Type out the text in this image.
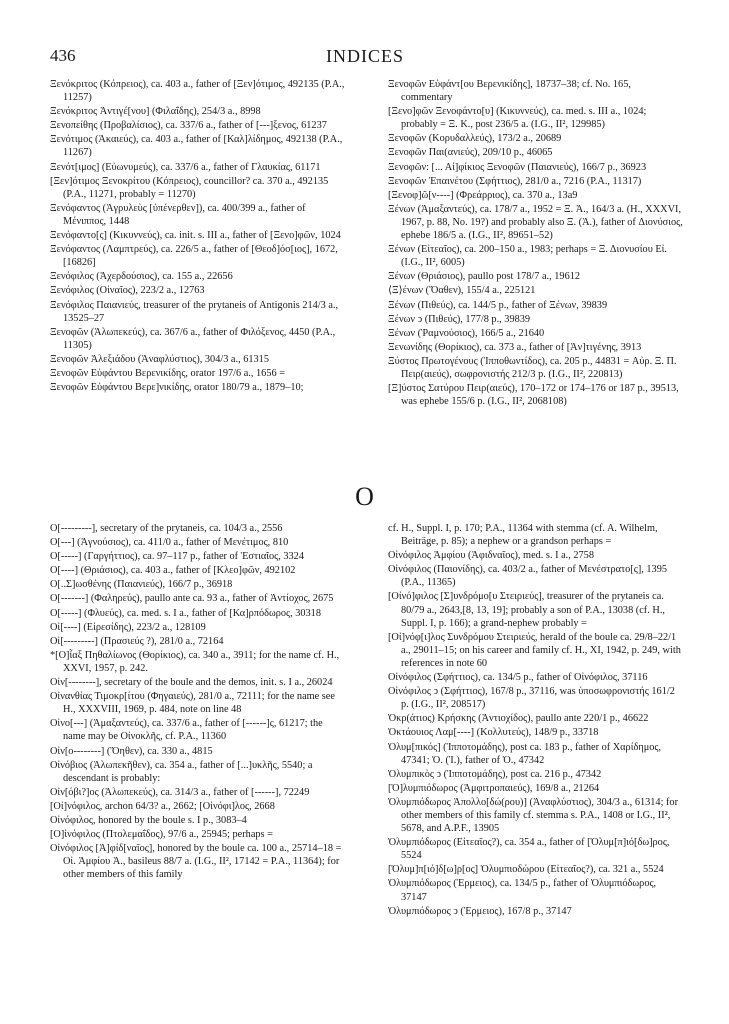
436	INDICES
Ξενόκριτος (Κόπρειος), ca. 403 a., father of [Ξεν]ότιμος, 492135 (P.A., 11257)
Ξενόκριτος Ἀντιγέ[νου] (Φιλαΐδης), 254/3 a., 8998
Ξενοπείθης (Προβαλίσιος), ca. 337/6 a., father of [---]ξενος, 61237
Ξενότιμος (Ἀκαιεύς), ca. 403 a., father of [Καλ]λίδημος, 492138 (P.A., 11267)
Ξενότ[ιμος] (Εὐωνυμεύς), ca. 337/6 a., father of Γλαυκίας, 61171
[Ξεν]ότιμος Ξενοκρίτου (Κόπρειος), councillor? ca. 370 a., 492135 (P.A., 11271, probably = 11270)
Ξενόφαντος (Ἀγρυλεὺς [ὑπένερθεν]), ca. 400/399 a., father of Μένιππος, 1448
Ξενόφαντο[ς] (Κικυννεύς), ca. init. s. III a., father of [Ξενο]φῶν, 1024
Ξενόφαντος (Λαμπτρεύς), ca. 226/5 a., father of [Θεοδ]όσ[ιος], 1672, [16826]
Ξενόφιλος (Ἀχερδούσιος), ca. 155 a., 22656
Ξενόφιλος (Οἰναῖος), 223/2 a., 12763
Ξενόφιλος Παιανιεύς, treasurer of the prytaneis of Antigonis 214/3 a., 13525–27
Ξενοφῶν (Ἀλωπεκεύς), ca. 367/6 a., father of Φιλόξενος, 4450 (P.A., 11305)
Ξενοφῶν Ἀλεξιάδου (Ἀναφλύστιος), 304/3 a., 61315
Ξενοφῶν Εὐφάντου Βερενικίδης, orator 197/6 a., 1656 =
Ξενοφῶν Εὐφάντου Βερε]νικίδης, orator 180/79 a., 1879–10;
Ξενοφῶν Εὐφάντ[ου Βερενικίδης], 18737–38; cf. No. 165, commentary
[Ξενο]φῶν Ξενοφάντο[υ] (Κικυννεύς), ca. med. s. III a., 1024; probably = Ξ. Κ., post 236/5 a. (I.G., II², 129985)
Ξενοφῶν (Κορυδαλλεύς), 173/2 a., 20689
Ξενοφῶν Παι(ανιεύς), 209/10 p., 46065
Ξενοφῶν: [... Αἰ]φίκιος Ξενοφῶν (Παιανιεύς), 166/7 p., 36923
Ξενοφῶν Ἐπαινέτου (Σφήττιος), 281/0 a., 7216 (P.A., 11317)
[Ξενοφ]ῶ[ν----] (Φρεάρριος), ca. 370 a., 13a9
Ξένων (Ἀμαξαντεύς), ca. 178/7 a., 1952 = Ξ. Ἀ., 164/3 a. (H., XXXVI, 1967, p. 88, No. 19?) and probably also Ξ. (Ἀ.), father of Διονύσιος, ephebe 186/5 a. (I.G., II², 89651–52)
Ξένων (Εἰτεαῖος), ca. 200–150 a., 1983; perhaps = Ξ. Διονυσίου Εἰ. (I.G., II², 6005)
Ξένων (Θριάσιος), paullo post 178/7 a., 19612
⟨Ξ⟩ένων (Ὄαθεν), 155/4 a., 225121
Ξένων (Πιθεύς), ca. 144/5 p., father of Ξένων, 39839
Ξένων ↄ (Πιθεύς), 177/8 p., 39839
Ξένων (Ῥαμνούσιος), 166/5 a., 21640
Ξενωνίδης (Θορίκιος), ca. 373 a., father of [Ἀν]τιγένης, 3913
Ξύστος Πρωτογένους (Ἱπποθωντίδος), ca. 205 p., 44831 = Αὐρ. Ξ. Π. Πειρ(αιεύς), σωφρονιστής 212/3 p. (I.G., II², 220813)
[Ξ]ύστος Σατύρου Πειρ(αιεύς), 170–172 or 174–176 or 187 p., 39513, was ephebe 155/6 p. (I.G., II², 2068108)
O
O[---------], secretary of the prytaneis, ca. 104/3 a., 2556
O[---] (Ἀγνούσιος), ca. 411/0 a., father of Μενέτιμος, 810
O[-----] (Γαργήττιος), ca. 97–117 p., father of Ἑστιαῖος, 3324
O[----] (Θριάσιος), ca. 403 a., father of [Κλεο]φῶν, 492102
O[..Σ]ωσθένης (Παιανιεύς), 166/7 p., 36918
O[-------] (Φαληρεύς), paullo ante ca. 93 a., father of Ἀντίοχος, 2675
O[-----] (Φλυεύς), ca. med. s. I a., father of [Κα]ρπόδωρος, 30318
Oἰ[----] (Εἰρεσίδης), 223/2 a., 128109
Oἰ[---------] (Πρασιεύς ?), 281/0 a., 72164
*[Ο]ἶαξ Πηθαλίωνος (Θορίκιος), ca. 340 a., 3911; for the name cf. H., XXVI, 1957, p. 242.
Oἰν[--------], secretary of the boule and the demos, init. s. I a., 26024
Οἰνανθίας Τιμοκρ[ίτου (Φηγαιεύς), 281/0 a., 72111; for the name see H., XXXVIII, 1969, p. 484, note on line 48
Οἰνο[---] (Ἀμαξαντεύς), ca. 337/6 a., father of [------]ς, 61217; the name may be Οἰνοκλῆς, cf. P.A., 11360
Οἰν[o--------] (Ὄηθεν), ca. 330 a., 4815
Οἰνόβιος (Ἀλωπεκῆθεν), ca. 354 a., father of [...]υκλῆς, 5540; a descendant is probably:
Οἰν[όβι?]ος (Ἀλωπεκεύς), ca. 314/3 a., father of [------], 72249
[Οἰ]νόφιλος, archon 64/3? a., 2662; [Οἰνόφι]λος, 2668
Οἰνόφιλος, honored by the boule s. I p., 3083–4
[Ο]ἰνόφιλος (Πτολεμαΐδος), 97/6 a., 25945; perhaps =
Οἰνόφιλος [Ἀ]φίδ[ναῖος], honored by the boule ca. 100 a., 25714–18 = Oἰ. Ἀμφίου Ἀ., basileus 88/7 a. (I.G., II², 17142 = P.A., 11364); for other members of this family
cf. H., Suppl. I, p. 170; P.A., 11364 with stemma (cf. A. Wilhelm, Beiträge, p. 85); a nephew or a grandson perhaps =
Οἰνόφιλος Ἀμφίου (Ἀφιδναῖος), med. s. I a., 2758
Οἰνόφιλος (Παιονίδης), ca. 403/2 a., father of Μενέστρατο[ς], 1395 (P.A., 11365)
[Οἰνό]φιλος [Σ]υνδρόμο[υ Στειριεύς], treasurer of the prytaneis ca. 80/79 a., 2643,[8, 13, 19]; probably a son of P.A., 13038 (cf. H., Suppl. I, p. 166); a grand-nephew probably =
[Οἰ]νόφ[ι]λος Συνδρόμου Στειριεύς, herald of the boule ca. 29/8–22/1 a., 29011–15; on his career and family cf. H., XI, 1942, p. 249, with references in note 60
Οἰνόφιλος (Σφήττιος), ca. 134/5 p., father of Οἰνόφιλος, 37116
Οἰνόφιλος ↄ (Σφήττιος), 167/8 p., 37116, was ὑποσωφρονιστής 161/2 p. (I.G., II², 208517)
Ὀκρ(άτιος) Κρήσκης (Ἀντιοχίδος), paullo ante 220/1 p., 46622
Ὀκτάουιος Λαμ[----] (Κολλυτεύς), 148/9 p., 33718
Ὀλυμ[πικός] (Ἱπποτομάδης), post ca. 183 p., father of Χαρίδημος, 47341; Ὀ. (Ἱ.), father of Ὀ., 47342
Ὀλυμπικὸς ↄ (Ἱπποτομάδης), post ca. 216 p., 47342
[Ὀ]λυμπιόδωρος (Ἀμφιτροπαιεύς), 169/8 a., 21264
Ὀλυμπιόδωρος Ἀπολλο[δώ(ρου)] (Ἀναφλύστιος), 304/3 a., 61314; for other members of this family cf. stemma s. P.A., 1408 or I.G., II², 5678, and A.P.F., 13905
Ὀλυμπιόδωρος (Εἰτεαῖος?), ca. 354 a., father of [Ὀλυμ[π]ιό[δω]ρος, 5524
[Ὀλυμ]π[ιό]δ[ω]ρ[ος] Ὀλυμπιοδώρου (Εἰτεαῖος?), ca. 321 a., 5524
Ὀλυμπιόδωρος (Ἑρμειος), ca. 134/5 p., father of Ὀλυμπιόδωρος, 37147
Ὀλυμπιόδωρος ↄ (Ἑρμειος), 167/8 p., 37147
